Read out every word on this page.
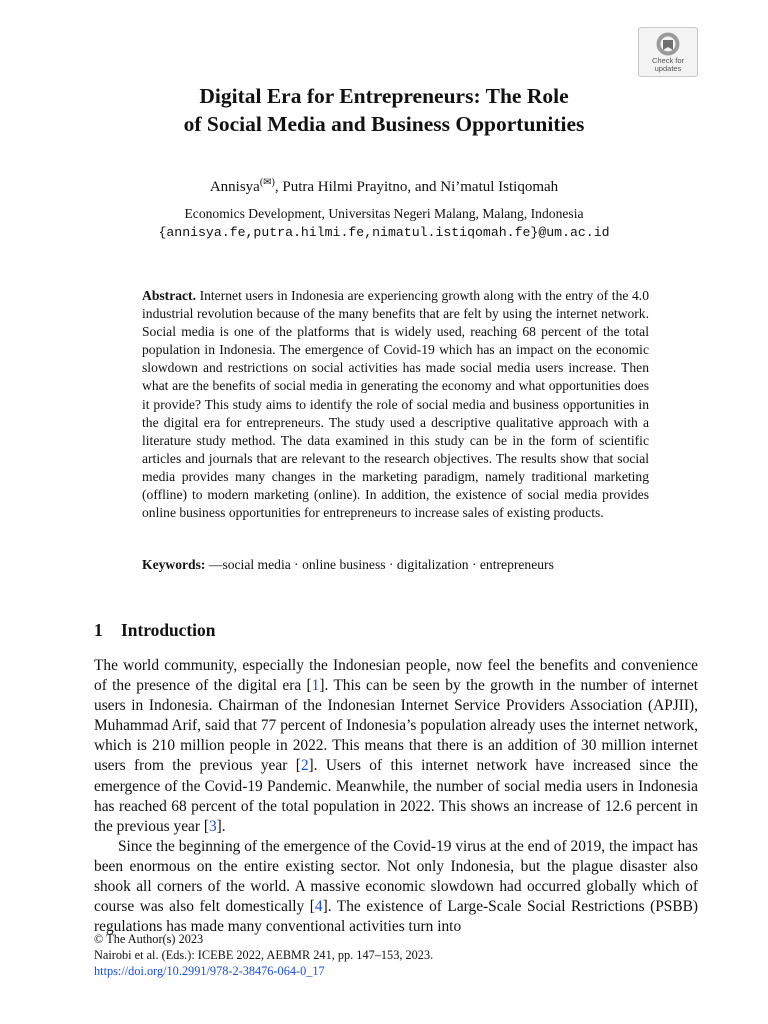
Check for
updates
Digital Era for Entrepreneurs: The Role
of Social Media and Business Opportunities
Annisya(✉), Putra Hilmi Prayitno, and Ni’matul Istiqomah
Economics Development, Universitas Negeri Malang, Malang, Indonesia
{annisya.fe,putra.hilmi.fe,nimatul.istiqomah.fe}@um.ac.id
Abstract. Internet users in Indonesia are experiencing growth along with the entry of the 4.0 industrial revolution because of the many benefits that are felt by using the internet network. Social media is one of the platforms that is widely used, reaching 68 percent of the total population in Indonesia. The emergence of Covid-19 which has an impact on the economic slowdown and restrictions on social activities has made social media users increase. Then what are the benefits of social media in generating the economy and what opportunities does it provide? This study aims to identify the role of social media and business opportunities in the digital era for entrepreneurs. The study used a descriptive qualitative approach with a literature study method. The data examined in this study can be in the form of scientific articles and journals that are relevant to the research objectives. The results show that social media provides many changes in the marketing paradigm, namely traditional marketing (offline) to modern marketing (online). In addition, the existence of social media provides online business opportunities for entrepreneurs to increase sales of existing products.
Keywords: —social media · online business · digitalization · entrepreneurs
1 Introduction

The world community, especially the Indonesian people, now feel the benefits and convenience of the presence of the digital era [1]. This can be seen by the growth in the number of internet users in Indonesia. Chairman of the Indonesian Internet Service Providers Association (APJII), Muhammad Arif, said that 77 percent of Indonesia’s population already uses the internet network, which is 210 million people in 2022. This means that there is an addition of 30 million internet users from the previous year [2]. Users of this internet network have increased since the emergence of the Covid-19 Pandemic. Meanwhile, the number of social media users in Indonesia has reached 68 percent of the total population in 2022. This shows an increase of 12.6 percent in the previous year [3].

Since the beginning of the emergence of the Covid-19 virus at the end of 2019, the impact has been enormous on the entire existing sector. Not only Indonesia, but the plague disaster also shook all corners of the world. A massive economic slowdown had occurred globally which of course was also felt domestically [4]. The existence of Large-Scale Social Restrictions (PSBB) regulations has made many conventional activities turn into

© The Author(s) 2023
Nairobi et al. (Eds.): ICEBE 2022, AEBMR 241, pp. 147–153, 2023.
https://doi.org/10.2991/978-2-38476-064-0_17
